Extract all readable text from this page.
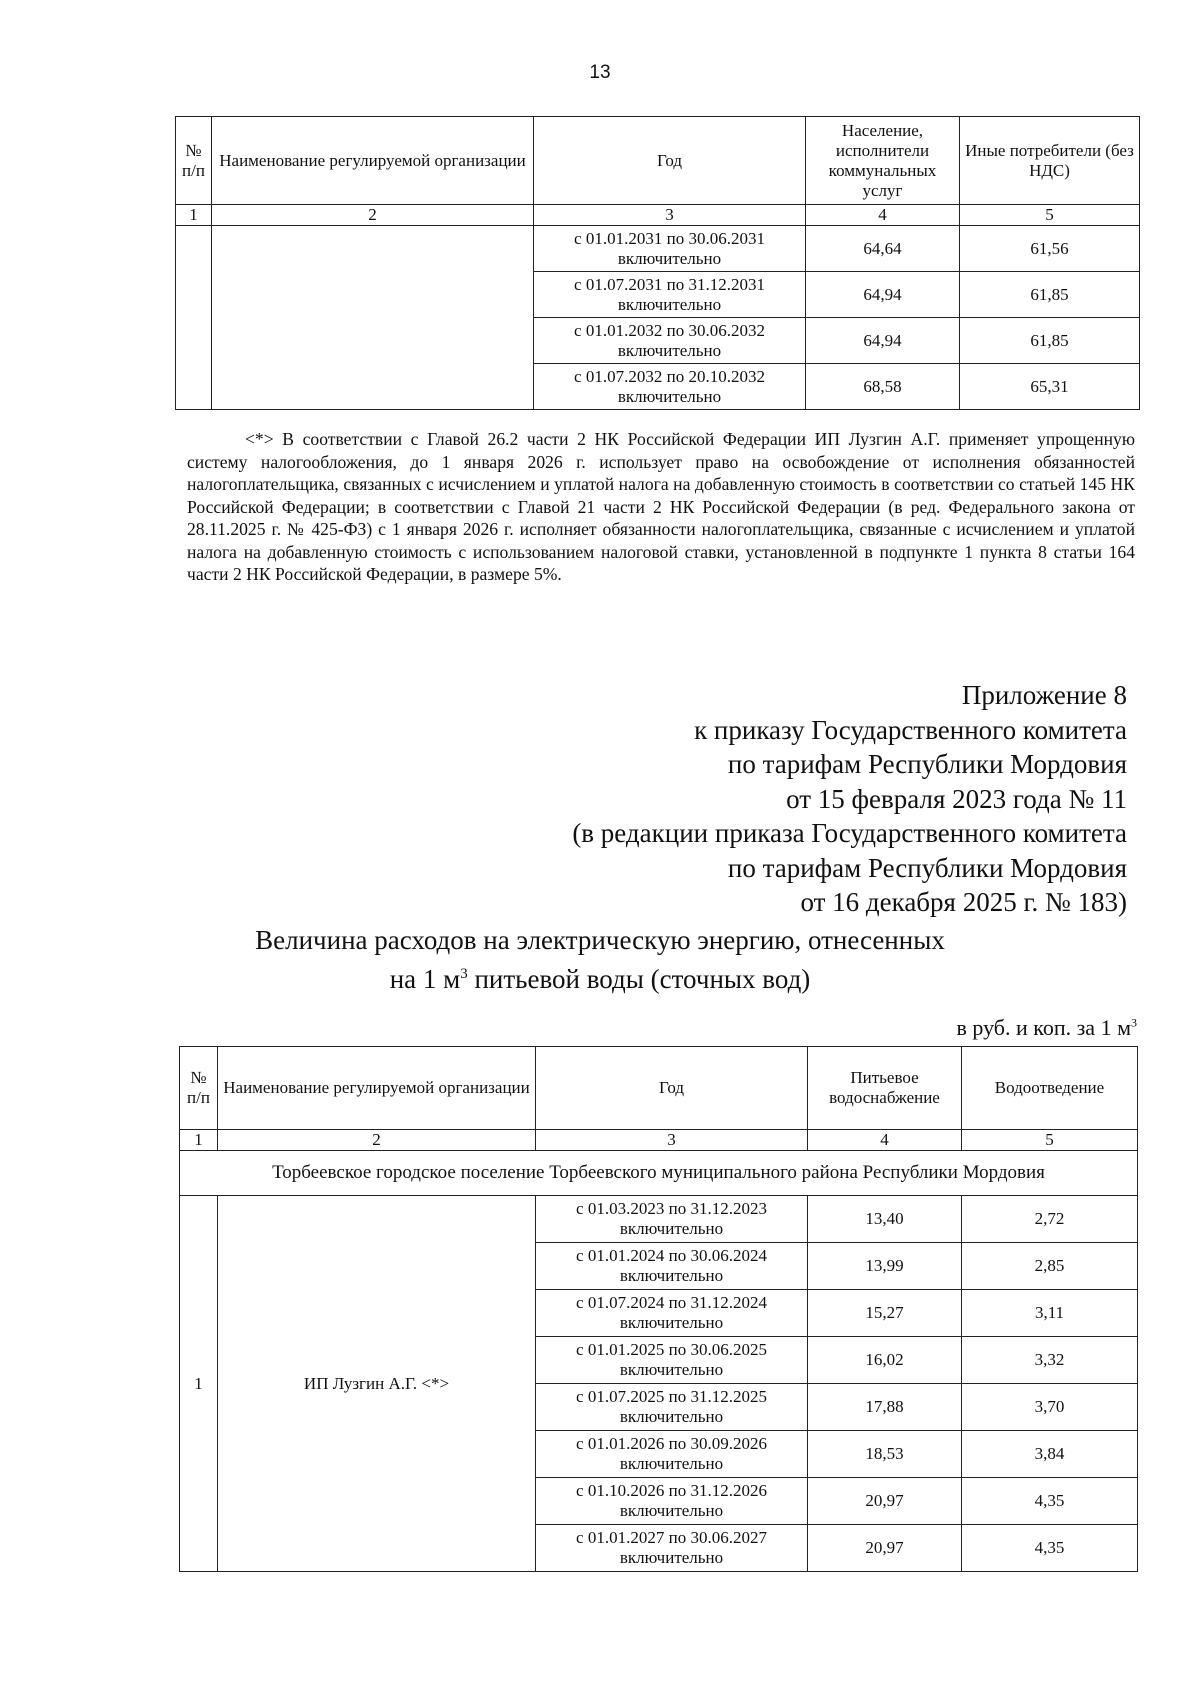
13
№ п/п	Наименование регулируемой организации	Год	Население, исполнители коммунальных услуг	Иные потребители (без НДС)
1	2	3	4	5
		с 01.01.2031 по 30.06.2031 включительно	64,64	61,56
		с 01.07.2031 по 31.12.2031 включительно	64,94	61,85
		с 01.01.2032 по 30.06.2032 включительно	64,94	61,85
		с 01.07.2032 по 20.10.2032 включительно	68,58	65,31
<*> В соответствии с Главой 26.2 части 2 НК Российской Федерации ИП Лузгин А.Г. применяет упрощенную систему налогообложения, до 1 января 2026 г. использует право на освобождение от исполнения обязанностей налогоплательщика, связанных с исчислением и уплатой налога на добавленную стоимость в соответствии со статьей 145 НК Российской Федерации; в соответствии с Главой 21 части 2 НК Российской Федерации (в ред. Федерального закона от 28.11.2025 г. № 425-ФЗ) с 1 января 2026 г. исполняет обязанности налогоплательщика, связанные с исчислением и уплатой налога на добавленную стоимость с использованием налоговой ставки, установленной в подпункте 1 пункта 8 статьи 164 части 2 НК Российской Федерации, в размере 5%.
Приложение 8
к приказу Государственного комитета
по тарифам Республики Мордовия
от 15 февраля 2023 года № 11
(в редакции приказа Государственного комитета
по тарифам Республики Мордовия
от 16 декабря 2025 г. № 183)
Величина расходов на электрическую энергию, отнесенных
на 1 $м^3$ питьевой воды (сточных вод)
в руб. и коп. за 1 $м^3$
№ п/п	Наименование регулируемой организации	Год	Питьевое водоснабжение	Водоотведение
1	2	3	4	5
Торбеевское городское поселение Торбеевского муниципального района Республики Мордовия				
1	ИП Лузгин А.Г. <*>	с 01.03.2023 по 31.12.2023 включительно	13,40	2,72
		с 01.01.2024 по 30.06.2024 включительно	13,99	2,85
		с 01.07.2024 по 31.12.2024 включительно	15,27	3,11
		с 01.01.2025 по 30.06.2025 включительно	16,02	3,32
		с 01.07.2025 по 31.12.2025 включительно	17,88	3,70
		с 01.01.2026 по 30.09.2026 включительно	18,53	3,84
		с 01.10.2026 по 31.12.2026 включительно	20,97	4,35
		с 01.01.2027 по 30.06.2027 включительно	20,97	4,35
